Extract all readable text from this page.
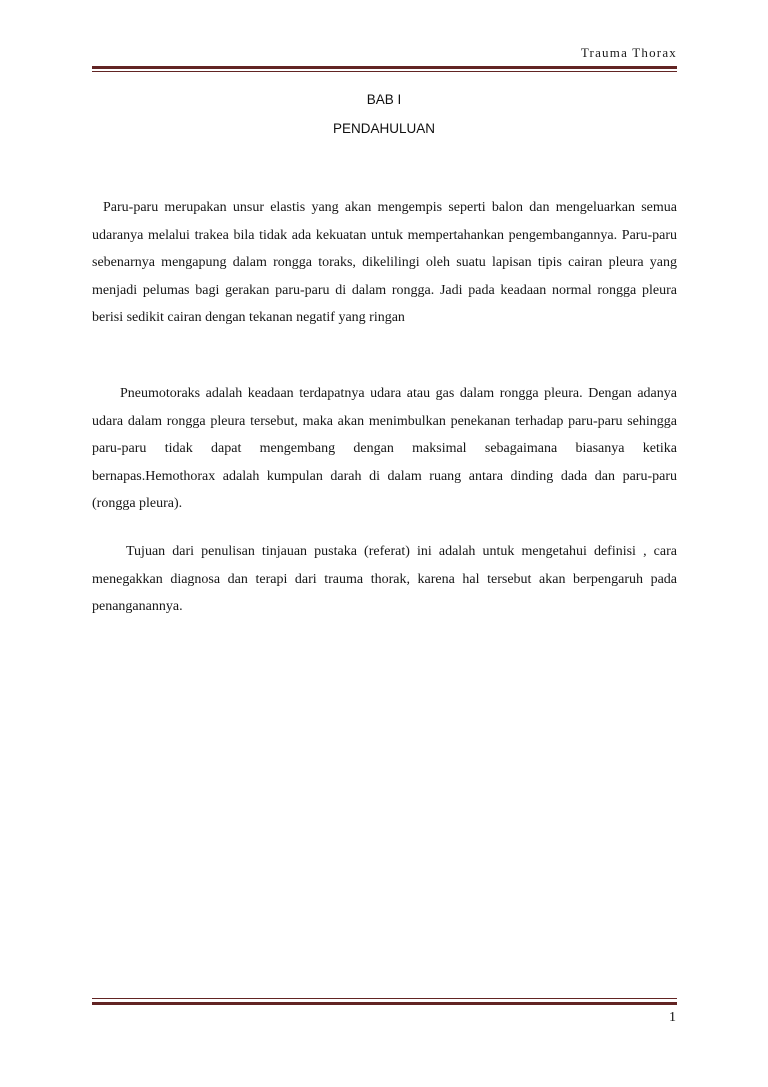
Trauma Thorax
BAB I
PENDAHULUAN

Paru-paru merupakan unsur elastis yang akan mengempis seperti balon dan mengeluarkan semua udaranya melalui trakea bila tidak ada kekuatan untuk mempertahankan pengembangannya. Paru-paru sebenarnya mengapung dalam rongga toraks, dikelilingi oleh suatu lapisan tipis cairan pleura yang menjadi pelumas bagi gerakan paru-paru di dalam rongga. Jadi pada keadaan normal rongga pleura berisi sedikit cairan dengan tekanan negatif yang ringan

Pneumotoraks adalah keadaan terdapatnya udara atau gas dalam rongga pleura. Dengan adanya udara dalam rongga pleura tersebut, maka akan menimbulkan penekanan terhadap paru-paru sehingga paru-paru tidak dapat mengembang dengan maksimal sebagaimana biasanya ketika bernapas.Hemothorax adalah kumpulan darah di dalam ruang antara dinding dada dan paru-paru (rongga pleura).

Tujuan dari penulisan tinjauan pustaka (referat) ini adalah untuk mengetahui definisi , cara menegakkan diagnosa dan terapi dari trauma thorak, karena hal tersebut akan berpengaruh pada penanganannya.

1
